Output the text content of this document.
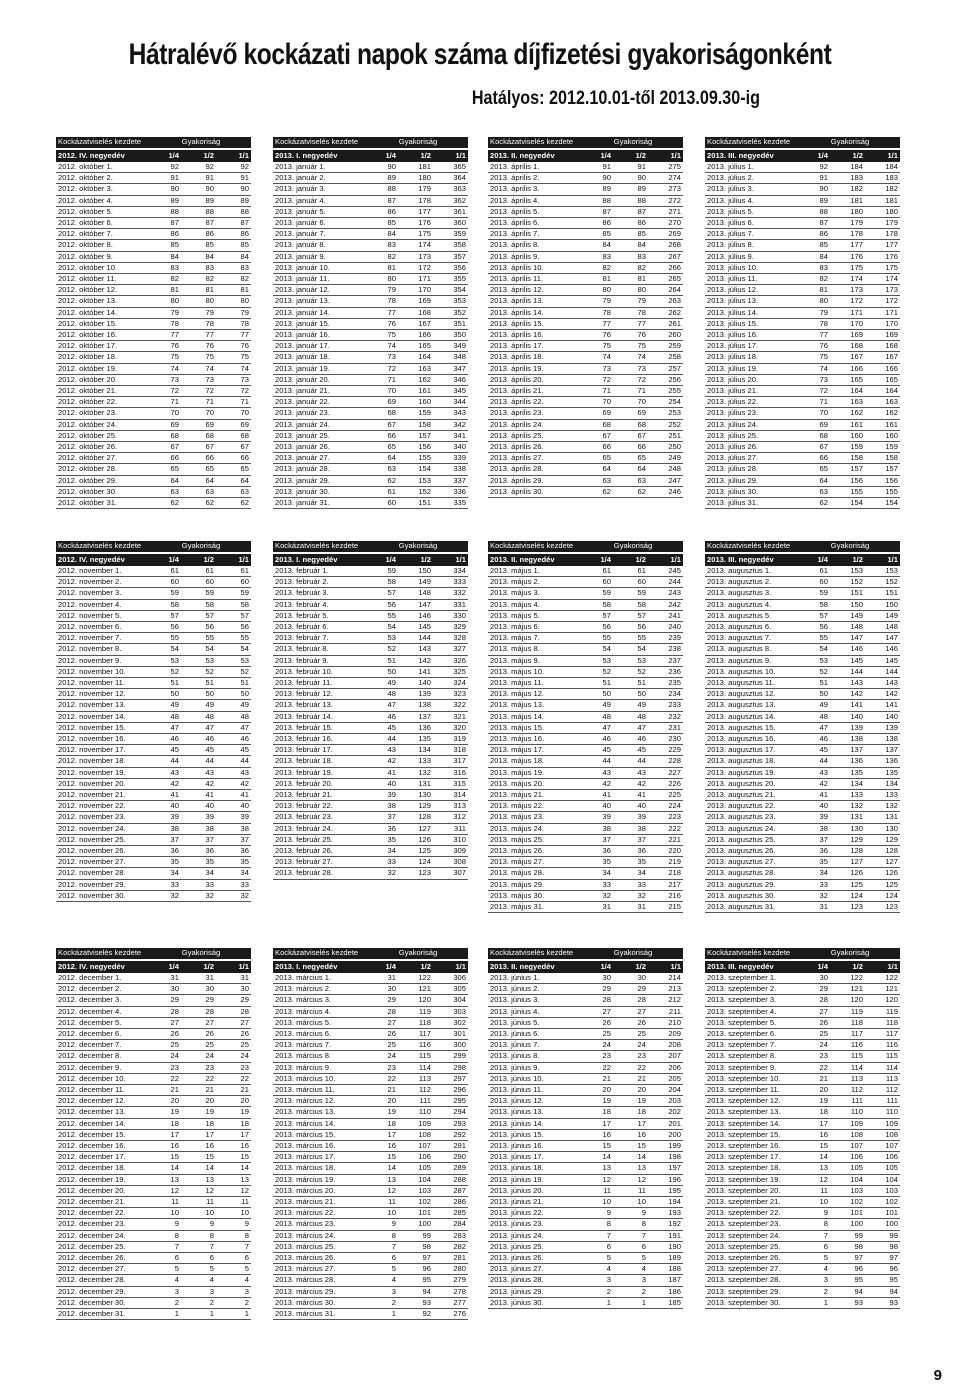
Hátralévő kockázati napok száma díjfizetési gyakoriságonként
Hatályos: 2012.10.01-től 2013.09.30-ig
Kockázatviselés kezdete	Gyakoriság		
2012. IV. negyedév	1/4	1/2	1/1
2012. október 1.	92	92	92
2012. október 2.	91	91	91
2012. október 3.	90	90	90
2012. október 4.	89	89	89
2012. október 5.	88	88	88
2012. október 6.	87	87	87
2012. október 7.	86	86	86
2012. október 8.	85	85	85
2012. október 9.	84	84	84
2012. október 10.	83	83	83
2012. október 11.	82	82	82
2012. október 12.	81	81	81
2012. október 13.	80	80	80
2012. október 14.	79	79	79
2012. október 15.	78	78	78
2012. október 16.	77	77	77
2012. október 17.	76	76	76
2012. október 18.	75	75	75
2012. október 19.	74	74	74
2012. október 20.	73	73	73
2012. október 21.	72	72	72
2012. október 22.	71	71	71
2012. október 23.	70	70	70
2012. október 24.	69	69	69
2012. október 25.	68	68	68
2012. október 26.	67	67	67
2012. október 27.	66	66	66
2012. október 28.	65	65	65
2012. október 29.	64	64	64
2012. október 30.	63	63	63
2012. október 31.	62	62	62
Kockázatviselés kezdete	Gyakoriság		
2013. I. negyedév	1/4	1/2	1/1
2013. január 1.	90	181	365
2013. január 2.	89	180	364
2013. január 3.	88	179	363
2013. január 4.	87	178	362
2013. január 5.	86	177	361
2013. január 6.	85	176	360
2013. január 7.	84	175	359
2013. január 8.	83	174	358
2013. január 9.	82	173	357
2013. január 10.	81	172	356
2013. január 11.	80	171	355
2013. január 12.	79	170	354
2013. január 13.	78	169	353
2013. január 14.	77	168	352
2013. január 15.	76	167	351
2013. január 16.	75	166	350
2013. január 17.	74	165	349
2013. január 18.	73	164	348
2013. január 19.	72	163	347
2013. január 20.	71	162	346
2013. január 21.	70	161	345
2013. január 22.	69	160	344
2013. január 23.	68	159	343
2013. január 24.	67	158	342
2013. január 25.	66	157	341
2013. január 26.	65	156	340
2013. január 27.	64	155	339
2013. január 28.	63	154	338
2013. január 29.	62	153	337
2013. január 30.	61	152	336
2013. január 31.	60	151	335
Kockázatviselés kezdete	Gyakoriság		
2013. II. negyedév	1/4	1/2	1/1
2013. április 1.	91	91	275
2013. április 2.	90	90	274
2013. április 3.	89	89	273
2013. április 4.	88	88	272
2013. április 5.	87	87	271
2013. április 6.	86	86	270
2013. április 7.	85	85	269
2013. április 8.	84	84	268
2013. április 9.	83	83	267
2013. április 10.	82	82	266
2013. április 11.	81	81	265
2013. április 12.	80	80	264
2013. április 13.	79	79	263
2013. április 14.	78	78	262
2013. április 15.	77	77	261
2013. április 16.	76	76	260
2013. április 17.	75	75	259
2013. április 18.	74	74	258
2013. április 19.	73	73	257
2013. április 20.	72	72	256
2013. április 21.	71	71	255
2013. április 22.	70	70	254
2013. április 23.	69	69	253
2013. április 24.	68	68	252
2013. április 25.	67	67	251
2013. április 26.	66	66	250
2013. április 27.	65	65	249
2013. április 28.	64	64	248
2013. április 29.	63	63	247
2013. április 30.	62	62	246
Kockázatviselés kezdete	Gyakoriság		
2013. III. negyedév	1/4	1/2	1/1
2013. július 1.	92	184	184
2013. július 2.	91	183	183
2013. július 3.	90	182	182
2013. július 4.	89	181	181
2013. július 5.	88	180	180
2013. július 6.	87	179	179
2013. július 7.	86	178	178
2013. július 8.	85	177	177
2013. július 9.	84	176	176
2013. július 10.	83	175	175
2013. július 11.	82	174	174
2013. július 12.	81	173	173
2013. július 13.	80	172	172
2013. július 14.	79	171	171
2013. július 15.	78	170	170
2013. július 16.	77	169	169
2013. július 17.	76	168	168
2013. július 18.	75	167	167
2013. július 19.	74	166	166
2013. július 20.	73	165	165
2013. július 21.	72	164	164
2013. július 22.	71	163	163
2013. július 23.	70	162	162
2013. július 24.	69	161	161
2013. július 25.	68	160	160
2013. július 26.	67	159	159
2013. július 27.	66	158	158
2013. július 28.	65	157	157
2013. július 29.	64	156	156
2013. július 30.	63	155	155
2013. július 31.	62	154	154
Kockázatviselés kezdete	Gyakoriság		
2012. IV. negyedév	1/4	1/2	1/1
2012. november 1.	61	61	61
2012. november 2.	60	60	60
2012. november 3.	59	59	59
2012. november 4.	58	58	58
2012. november 5.	57	57	57
2012. november 6.	56	56	56
2012. november 7.	55	55	55
2012. november 8.	54	54	54
2012. november 9.	53	53	53
2012. november 10.	52	52	52
2012. november 11.	51	51	51
2012. november 12.	50	50	50
2012. november 13.	49	49	49
2012. november 14.	48	48	48
2012. november 15.	47	47	47
2012. november 16.	46	46	46
2012. november 17.	45	45	45
2012. november 18.	44	44	44
2012. november 19.	43	43	43
2012. november 20.	42	42	42
2012. november 21.	41	41	41
2012. november 22.	40	40	40
2012. november 23.	39	39	39
2012. november 24.	38	38	38
2012. november 25.	37	37	37
2012. november 26.	36	36	36
2012. november 27.	35	35	35
2012. november 28.	34	34	34
2012. november 29.	33	33	33
2012. november 30.	32	32	32
Kockázatviselés kezdete	Gyakoriság		
2013. I. negyedév	1/4	1/2	1/1
2013. február 1.	59	150	334
2013. február 2.	58	149	333
2013. február 3.	57	148	332
2013. február 4.	56	147	331
2013. február 5.	55	146	330
2013. február 6.	54	145	329
2013. február 7.	53	144	328
2013. február 8.	52	143	327
2013. február 9.	51	142	326
2013. február 10.	50	141	325
2013. február 11.	49	140	324
2013. február 12.	48	139	323
2013. február 13.	47	138	322
2013. február 14.	46	137	321
2013. február 15.	45	136	320
2013. február 16.	44	135	319
2013. február 17.	43	134	318
2013. február 18.	42	133	317
2013. február 19.	41	132	316
2013. február 20.	40	131	315
2013. február 21.	39	130	314
2013. február 22.	38	129	313
2013. február 23.	37	128	312
2013. február 24.	36	127	311
2013. február 25.	35	126	310
2013. február 26.	34	125	309
2013. február 27.	33	124	308
2013. február 28.	32	123	307
Kockázatviselés kezdete	Gyakoriság		
2013. II. negyedév	1/4	1/2	1/1
2013. május 1.	61	61	245
2013. május 2.	60	60	244
2013. május 3.	59	59	243
2013. május 4.	58	58	242
2013. május 5.	57	57	241
2013. május 6.	56	56	240
2013. május 7.	55	55	239
2013. május 8.	54	54	238
2013. május 9.	53	53	237
2013. május 10.	52	52	236
2013. május 11.	51	51	235
2013. május 12.	50	50	234
2013. május 13.	49	49	233
2013. május 14.	48	48	232
2013. május 15.	47	47	231
2013. május 16.	46	46	230
2013. május 17.	45	45	229
2013. május 18.	44	44	228
2013. május 19.	43	43	227
2013. május 20.	42	42	226
2013. május 21.	41	41	225
2013. május 22.	40	40	224
2013. május 23.	39	39	223
2013. május 24.	38	38	222
2013. május 25.	37	37	221
2013. május 26.	36	36	220
2013. május 27.	35	35	219
2013. május 28.	34	34	218
2013. május 29.	33	33	217
2013. május 30.	32	32	216
2013. május 31.	31	31	215
Kockázatviselés kezdete	Gyakoriság		
2013. III. negyedév	1/4	1/2	1/1
2013. augusztus 1.	61	153	153
2013. augusztus 2.	60	152	152
2013. augusztus 3.	59	151	151
2013. augusztus 4.	58	150	150
2013. augusztus 5.	57	149	149
2013. augusztus 6.	56	148	148
2013. augusztus 7.	55	147	147
2013. augusztus 8.	54	146	146
2013. augusztus 9.	53	145	145
2013. augusztus 10.	52	144	144
2013. augusztus 11.	51	143	143
2013. augusztus 12.	50	142	142
2013. augusztus 13.	49	141	141
2013. augusztus 14.	48	140	140
2013. augusztus 15.	47	139	139
2013. augusztus 16.	46	138	138
2013. augusztus 17.	45	137	137
2013. augusztus 18.	44	136	136
2013. augusztus 19.	43	135	135
2013. augusztus 20.	42	134	134
2013. augusztus 21.	41	133	133
2013. augusztus 22.	40	132	132
2013. augusztus 23.	39	131	131
2013. augusztus 24.	38	130	130
2013. augusztus 25.	37	129	129
2013. augusztus 26.	36	128	128
2013. augusztus 27.	35	127	127
2013. augusztus 28.	34	126	126
2013. augusztus 29.	33	125	125
2013. augusztus 30.	32	124	124
2013. augusztus 31.	31	123	123
Kockázatviselés kezdete	Gyakoriság		
2012. IV. negyedév	1/4	1/2	1/1
2012. december 1.	31	31	31
2012. december 2.	30	30	30
2012. december 3.	29	29	29
2012. december 4.	28	28	28
2012. december 5.	27	27	27
2012. december 6.	26	26	26
2012. december 7.	25	25	25
2012. december 8.	24	24	24
2012. december 9.	23	23	23
2012. december 10.	22	22	22
2012. december 11.	21	21	21
2012. december 12.	20	20	20
2012. december 13.	19	19	19
2012. december 14.	18	18	18
2012. december 15.	17	17	17
2012. december 16.	16	16	16
2012. december 17.	15	15	15
2012. december 18.	14	14	14
2012. december 19.	13	13	13
2012. december 20.	12	12	12
2012. december 21.	11	11	11
2012. december 22.	10	10	10
2012. december 23.	9	9	9
2012. december 24.	8	8	8
2012. december 25.	7	7	7
2012. december 26.	6	6	6
2012. december 27.	5	5	5
2012. december 28.	4	4	4
2012. december 29.	3	3	3
2012. december 30.	2	2	2
2012. december 31.	1	1	1
Kockázatviselés kezdete	Gyakoriság		
2013. I. negyedév	1/4	1/2	1/1
2013. március 1.	31	122	306
2013. március 2.	30	121	305
2013. március 3.	29	120	304
2013. március 4.	28	119	303
2013. március 5.	27	118	302
2013. március 6.	26	117	301
2013. március 7.	25	116	300
2013. március 8.	24	115	299
2013. március 9.	23	114	298
2013. március 10.	22	113	297
2013. március 11.	21	112	296
2013. március 12.	20	111	295
2013. március 13.	19	110	294
2013. március 14.	18	109	293
2013. március 15.	17	108	292
2013. március 16.	16	107	291
2013. március 17.	15	106	290
2013. március 18.	14	105	289
2013. március 19.	13	104	288
2013. március 20.	12	103	287
2013. március 21.	11	102	286
2013. március 22.	10	101	285
2013. március 23.	9	100	284
2013. március 24.	8	99	283
2013. március 25.	7	98	282
2013. március 26.	6	97	281
2013. március 27.	5	96	280
2013. március 28.	4	95	279
2013. március 29.	3	94	278
2013. március 30.	2	93	277
2013. március 31.	1	92	276
Kockázatviselés kezdete	Gyakoriság		
2013. II. negyedév	1/4	1/2	1/1
2013. június 1.	30	30	214
2013. június 2.	29	29	213
2013. június 3.	28	28	212
2013. június 4.	27	27	211
2013. június 5.	26	26	210
2013. június 6.	25	25	209
2013. június 7.	24	24	208
2013. június 8.	23	23	207
2013. június 9.	22	22	206
2013. június 10.	21	21	205
2013. június 11.	20	20	204
2013. június 12.	19	19	203
2013. június 13.	18	18	202
2013. június 14.	17	17	201
2013. június 15.	16	16	200
2013. június 16.	15	15	199
2013. június 17.	14	14	198
2013. június 18.	13	13	197
2013. június 19.	12	12	196
2013. június 20.	11	11	195
2013. június 21.	10	10	194
2013. június 22.	9	9	193
2013. június 23.	8	8	192
2013. június 24.	7	7	191
2013. június 25.	6	6	190
2013. június 26.	5	5	189
2013. június 27.	4	4	188
2013. június 28.	3	3	187
2013. június 29.	2	2	186
2013. június 30.	1	1	185
Kockázatviselés kezdete	Gyakoriság		
2013. III. negyedév	1/4	1/2	1/1
2013. szeptember 1.	30	122	122
2013. szeptember 2.	29	121	121
2013. szeptember 3.	28	120	120
2013. szeptember 4.	27	119	119
2013. szeptember 5.	26	118	118
2013. szeptember 6.	25	117	117
2013. szeptember 7.	24	116	116
2013. szeptember 8.	23	115	115
2013. szeptember 9.	22	114	114
2013. szeptember 10.	21	113	113
2013. szeptember 11.	20	112	112
2013. szeptember 12.	19	111	111
2013. szeptember 13.	18	110	110
2013. szeptember 14.	17	109	109
2013. szeptember 15.	16	108	108
2013. szeptember 16.	15	107	107
2013. szeptember 17.	14	106	106
2013. szeptember 18.	13	105	105
2013. szeptember 19.	12	104	104
2013. szeptember 20.	11	103	103
2013. szeptember 21.	10	102	102
2013. szeptember 22.	9	101	101
2013. szeptember 23.	8	100	100
2013. szeptember 24.	7	99	99
2013. szeptember 25.	6	98	98
2013. szeptember 26.	5	97	97
2013. szeptember 27.	4	96	96
2013. szeptember 28.	3	95	95
2013. szeptember 29.	2	94	94
2013. szeptember 30.	1	93	93
9
